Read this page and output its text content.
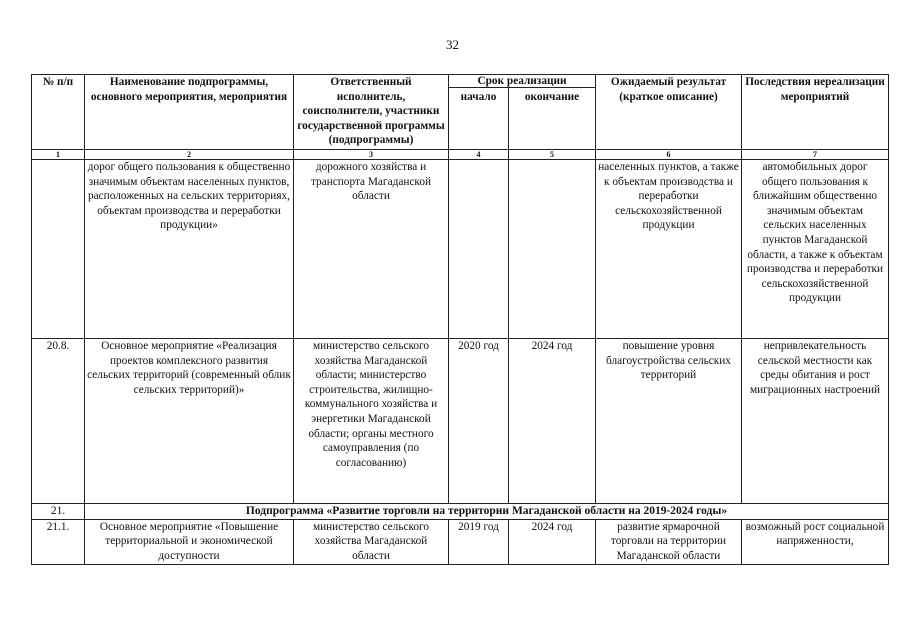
32
№ п/п	Наименование подпрограммы, основного мероприятия, мероприятия	Ответственный исполнитель, соисполнители, участники государственной программы (подпрограммы)	Срок реализации		Ожидаемый результат (краткое описание)	Последствия нереализации мероприятий
			начало	окончание		
1	2	3	4	5	6	7
	дорог общего пользования к общественно значимым объектам населенных пунктов, расположенных на сельских территориях, объектам производства и переработки продукции»	дорожного хозяйства и транспорта Магаданской области			населенных пунктов, а также к объектам производства и переработки сельскохозяйственной продукции	автомобильных дорог общего пользования к ближайшим общественно значимым объектам сельских населенных пунктов Магаданской области, а также к объектам производства и переработки сельскохозяйственной продукции
20.8.	Основное мероприятие «Реализация проектов комплексного развития сельских территорий (современный облик сельских территорий)»	министерство сельского хозяйства Магаданской области; министерство строительства, жилищно-коммунального хозяйства и энергетики Магаданской области; органы местного самоуправления (по согласованию)	2020 год	2024 год	повышение уровня благоустройства сельских территорий	непривлекательность сельской местности как среды обитания и рост миграционных настроений
21.	Подпрограмма «Развитие торговли на территории Магаданской области на 2019-2024 годы»					
21.1.	Основное мероприятие «Повышение территориальной и экономической доступности	министерство сельского хозяйства Магаданской области	2019 год	2024 год	развитие ярмарочной торговли на территории Магаданской области	возможный рост социальной напряженности,
